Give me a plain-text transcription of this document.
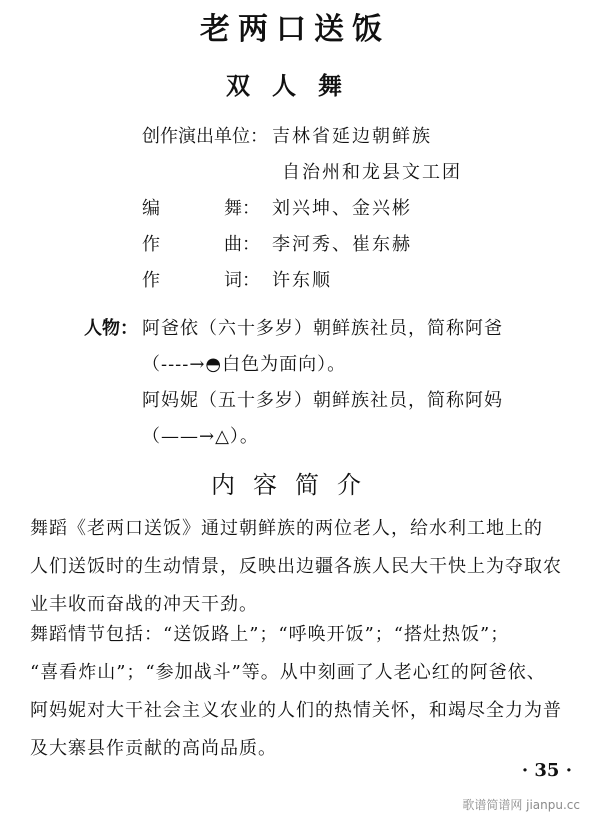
老两口送饭
双人舞
创作演出单位： 吉林省延边朝鲜族
自治州和龙县文工团
编	舞： 刘兴坤、金兴彬
作	曲： 李河秀、崔东赫
作	词： 许东顺
人物： 阿爸依（六十多岁）朝鲜族社员，简称阿爸
（----→◓白色为面向）。
阿妈妮（五十多岁）朝鲜族社员，简称阿妈
（——→△）。
内容简介
舞蹈《老两口送饭》通过朝鲜族的两位老人，给水利工地上的
人们送饭时的生动情景，反映出边疆各族人民大干快上为夺取农
业丰收而奋战的冲天干劲。
舞蹈情节包括：“送饭路上”；“呼唤开饭”；“搭灶热饭”；
“喜看炸山”；“参加战斗”等。从中刻画了人老心红的阿爸依、
阿妈妮对大干社会主义农业的人们的热情关怀，和竭尽全力为普
及大寨县作贡献的高尚品质。
· 35 ·
歌谱简谱网 jianpu.cc
